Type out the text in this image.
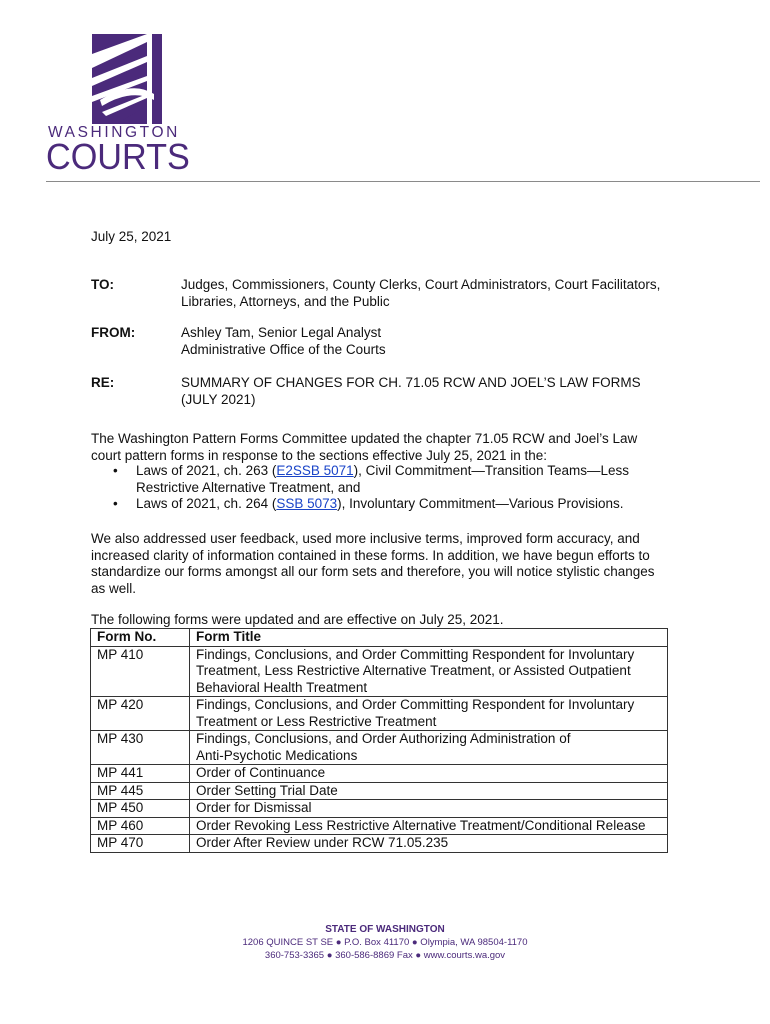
WASHINGTON
COURTS
July 25, 2021
TO:	Judges, Commissioners, County Clerks, Court Administrators, Court Facilitators,
Libraries, Attorneys, and the Public
FROM:	Ashley Tam, Senior Legal Analyst
Administrative Office of the Courts
RE:	SUMMARY OF CHANGES FOR CH. 71.05 RCW AND JOEL’S LAW FORMS
(JULY 2021)
The Washington Pattern Forms Committee updated the chapter 71.05 RCW and Joel’s Law
court pattern forms in response to the sections effective July 25, 2021 in the:
• Laws of 2021, ch. 263 (E2SSB 5071), Civil Commitment—Transition Teams—Less
Restrictive Alternative Treatment, and
• Laws of 2021, ch. 264 (SSB 5073), Involuntary Commitment—Various Provisions.
We also addressed user feedback, used more inclusive terms, improved form accuracy, and
increased clarity of information contained in these forms. In addition, we have begun efforts to
standardize our forms amongst all our form sets and therefore, you will notice stylistic changes
as well.
The following forms were updated and are effective on July 25, 2021.
Form No.	Form Title
MP 410	Findings, Conclusions, and Order Committing Respondent for Involuntary
Treatment, Less Restrictive Alternative Treatment, or Assisted Outpatient
Behavioral Health Treatment

MP 420	Findings, Conclusions, and Order Committing Respondent for Involuntary
Treatment or Less Restrictive Treatment

MP 430	Findings, Conclusions, and Order Authorizing Administration of
Anti-Psychotic Medications

MP 441	Order of Continuance
MP 445	Order Setting Trial Date
MP 450	Order for Dismissal
MP 460	Order Revoking Less Restrictive Alternative Treatment/Conditional Release
MP 470	Order After Review under RCW 71.05.235
STATE OF WASHINGTON
1206 QUINCE ST SE ● P.O. Box 41170 ● Olympia, WA 98504-1170
360-753-3365 ● 360-586-8869 Fax ● www.courts.wa.gov
